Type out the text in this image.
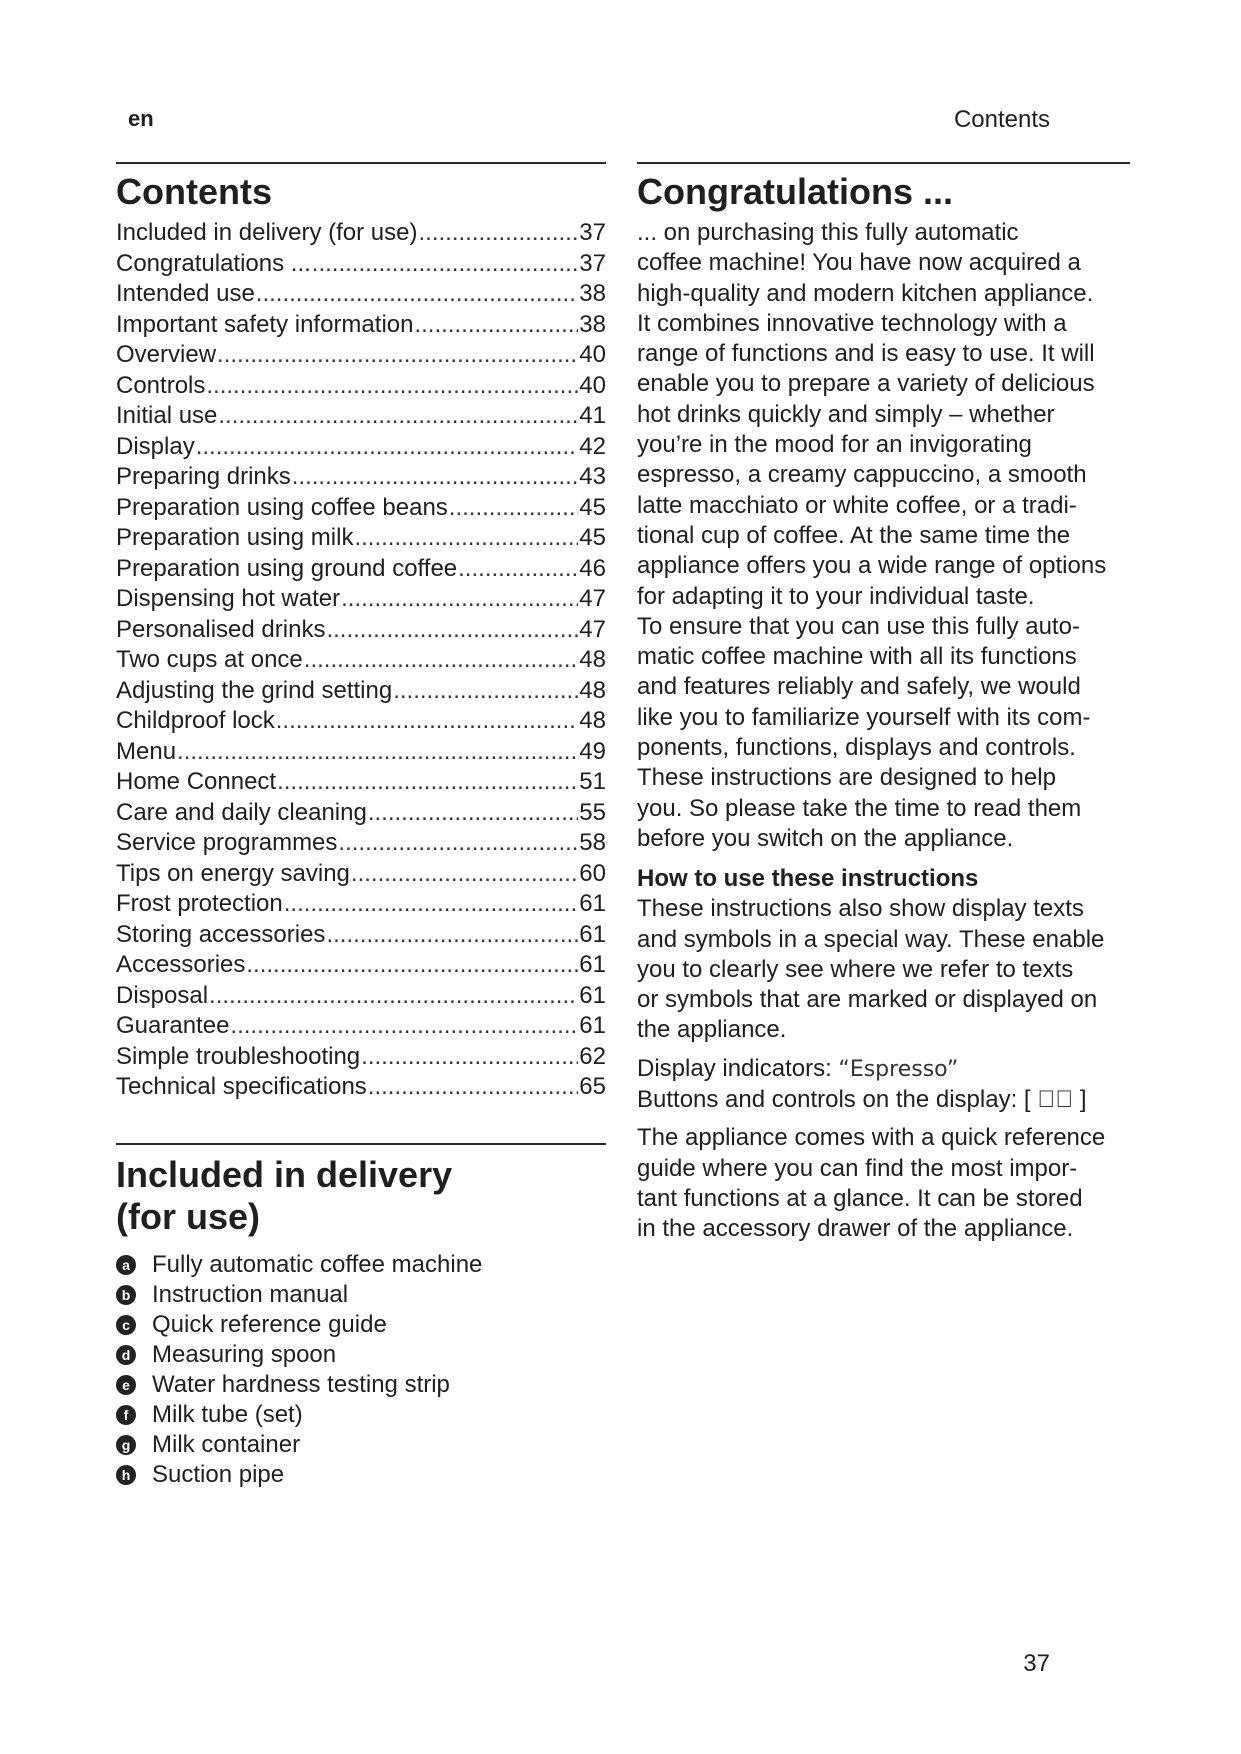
en	Contents
Contents
Included in delivery (for use) .....	37
Congratulations ... .....	37
Intended use .....	38
Important safety information .....	38
Overview .....	40
Controls .....	40
Initial use .....	41
Display .....	42
Preparing drinks .....	43
Preparation using coffee beans .....	45
Preparation using milk .....	45
Preparation using ground coffee .....	46
Dispensing hot water .....	47
Personalised drinks .....	47
Two cups at once .....	48
Adjusting the grind setting .....	48
Childproof lock .....	48
Menu .....	49
Home Connect .....	51
Care and daily cleaning .....	55
Service programmes .....	58
Tips on energy saving .....	60
Frost protection .....	61
Storing accessories .....	61
Accessories .....	61
Disposal .....	61
Guarantee .....	61
Simple troubleshooting .....	62
Technical specifications .....	65
Included in delivery
(for use)
a Fully automatic coffee machine
b Instruction manual
c Quick reference guide
d Measuring spoon
e Water hardness testing strip
f Milk tube (set)
g Milk container
h Suction pipe
Congratulations ...

... on purchasing this fully automatic
coffee machine! You have now acquired a
high-quality and modern kitchen appliance.
It combines innovative technology with a
range of functions and is easy to use. It will
enable you to prepare a variety of delicious
hot drinks quickly and simply – whether
you’re in the mood for an invigorating
espresso, a creamy cappuccino, a smooth
latte macchiato or white coffee, or a tradi-
tional cup of coffee. At the same time the
appliance offers you a wide range of options
for adapting it to your individual taste.

To ensure that you can use this fully auto-
matic coffee machine with all its functions
and features reliably and safely, we would
like you to familiarize yourself with its com-
ponents, functions, displays and controls.
These instructions are designed to help
you. So please take the time to read them
before you switch on the appliance.

How to use these instructions

These instructions also show display texts
and symbols in a special way. These enable
you to clearly see where we refer to texts
or symbols that are marked or displayed on
the appliance.

Display indicators: “Espresso”

Buttons and controls on the display: [ ▷⃞ ]

The appliance comes with a quick reference
guide where you can find the most impor-
tant functions at a glance. It can be stored
in the accessory drawer of the appliance.

37
